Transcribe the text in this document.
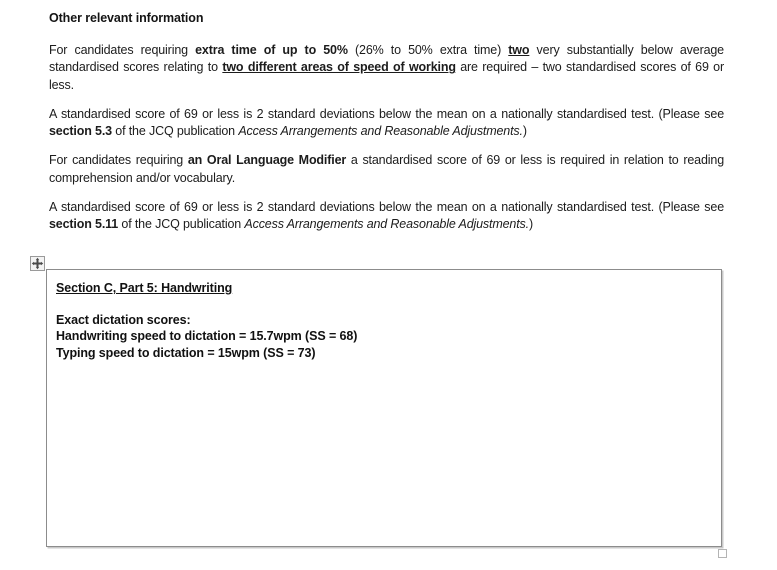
Other relevant information

For candidates requiring extra time of up to 50% (26% to 50% extra time) two very substantially below average standardised scores relating to two different areas of speed of working are required – two standardised scores of 69 or less.

A standardised score of 69 or less is 2 standard deviations below the mean on a nationally standardised test. (Please see section 5.3 of the JCQ publication Access Arrangements and Reasonable Adjustments.)

For candidates requiring an Oral Language Modifier a standardised score of 69 or less is required in relation to reading comprehension and/or vocabulary.

A standardised score of 69 or less is 2 standard deviations below the mean on a nationally standardised test. (Please see section 5.11 of the JCQ publication Access Arrangements and Reasonable Adjustments.)

Section C, Part 5: Handwriting

Exact dictation scores:

Handwriting speed to dictation = 15.7wpm (SS = 68)

Typing speed to dictation = 15wpm (SS = 73)
